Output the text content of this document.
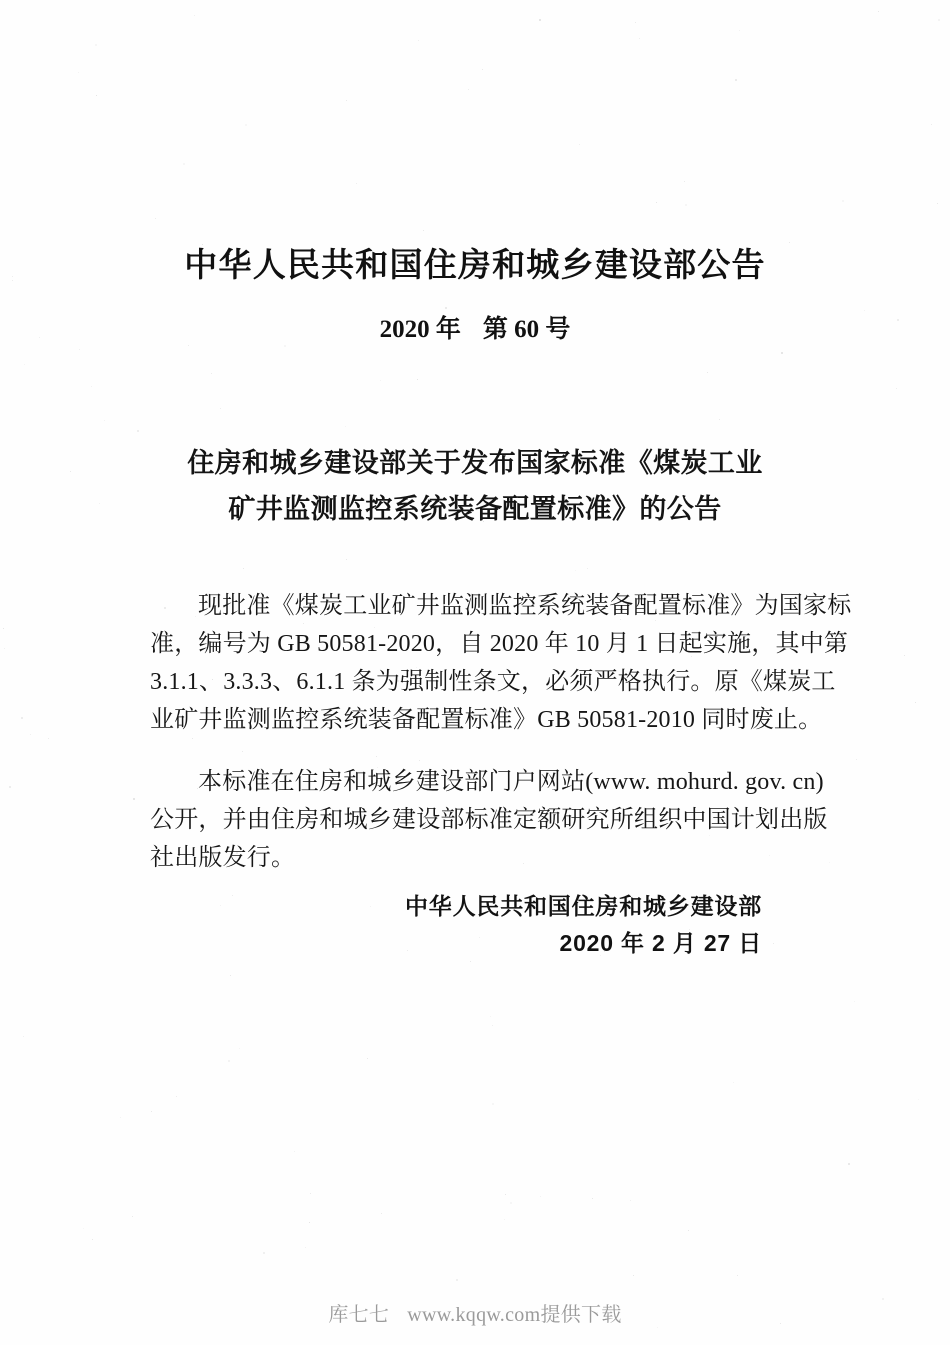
中华人民共和国住房和城乡建设部公告
2020 年 第 60 号
住房和城乡建设部关于发布国家标准《煤炭工业
矿井监测监控系统装备配置标准》的公告

现批准《煤炭工业矿井监测监控系统装备配置标准》为国家标
准，编号为 GB 50581-2020，自 2020 年 10 月 1 日起实施，其中第
3.1.1、3.3.3、6.1.1 条为强制性条文，必须严格执行。原《煤炭工
业矿井监测监控系统装备配置标准》GB 50581-2010 同时废止。

本标准在住房和城乡建设部门户网站(www. mohurd. gov. cn)
公开，并由住房和城乡建设部标准定额研究所组织中国计划出版
社出版发行。

中华人民共和国住房和城乡建设部
2020 年 2 月 27 日
库七七 www.kqqw.com提供下载
